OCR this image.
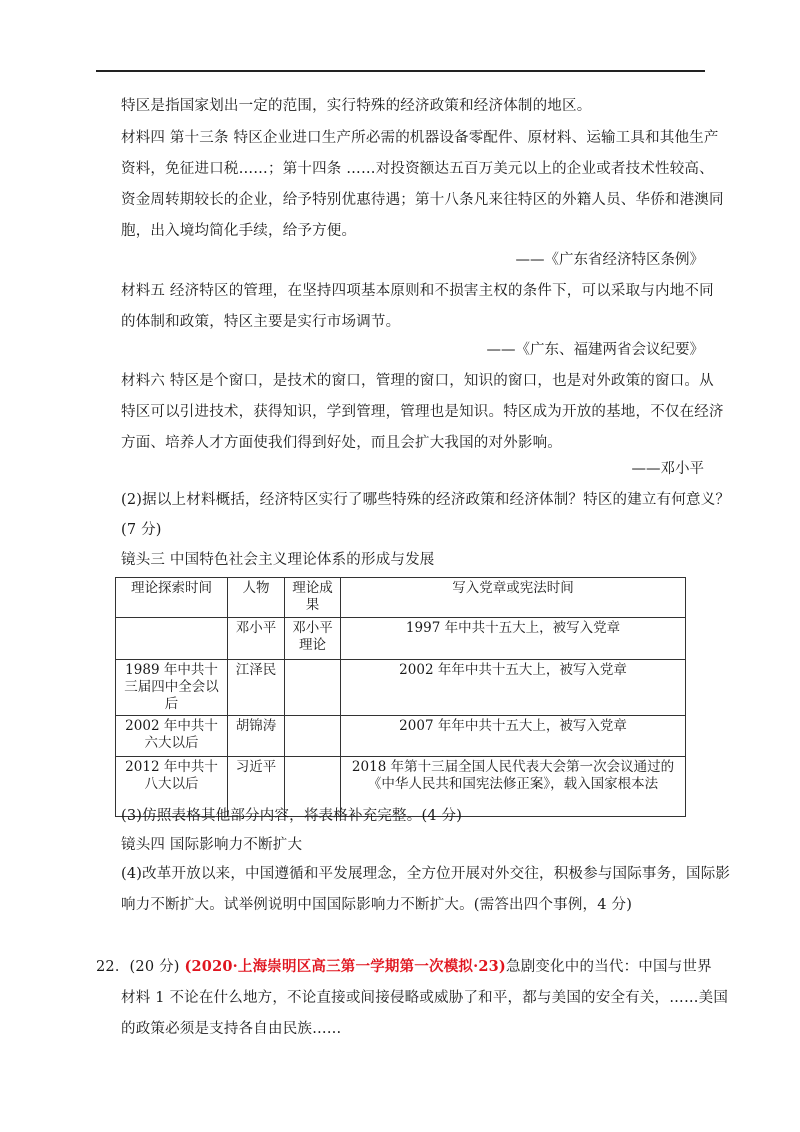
特区是指国家划出一定的范围，实行特殊的经济政策和经济体制的地区。
材料四 第十三条 特区企业进口生产所必需的机器设备零配件、原材料、运输工具和其他生产
资料，免征进口税……；第十四条 ……对投资额达五百万美元以上的企业或者技术性较高、
资金周转期较长的企业，给予特别优惠待遇；第十八条凡来往特区的外籍人员、华侨和港澳同
胞，出入境均简化手续，给予方便。
——《广东省经济特区条例》
材料五 经济特区的管理，在坚持四项基本原则和不损害主权的条件下，可以采取与内地不同
的体制和政策，特区主要是实行市场调节。
——《广东、福建两省会议纪要》
材料六 特区是个窗口，是技术的窗口，管理的窗口，知识的窗口，也是对外政策的窗口。从
特区可以引进技术，获得知识，学到管理，管理也是知识。特区成为开放的基地，不仅在经济
方面、培养人才方面使我们得到好处，而且会扩大我国的对外影响。
——邓小平
(2)据以上材料概括，经济特区实行了哪些特殊的经济政策和经济体制？特区的建立有何意义？
(7 分)
镜头三 中国特色社会主义理论体系的形成与发展
理论探索时间	人物	理论成果	写入党章或宪法时间
	邓小平	邓小平理论	1997 年中共十五大上，被写入党章
1989 年中共十三届四中全会以后	江泽民		2002 年年中共十五大上，被写入党章
2002 年中共十六大以后	胡锦涛		2007 年年中共十五大上，被写入党章
2012 年中共十八大以后	习近平		2018 年第十三届全国人民代表大会第一次会议通过的《中华人民共和国宪法修正案》，载入国家根本法
(3)仿照表格其他部分内容，将表格补充完整。(4 分)
镜头四 国际影响力不断扩大
(4)改革开放以来，中国遵循和平发展理念，全方位开展对外交往，积极参与国际事务，国际影
响力不断扩大。试举例说明中国国际影响力不断扩大。(需答出四个事例，4 分)
22．(20 分) (2020·上海崇明区高三第一学期第一次模拟·23)急剧变化中的当代：中国与世界
材料 1 不论在什么地方，不论直接或间接侵略或威胁了和平，都与美国的安全有关，……美国
的政策必须是支持各自由民族……
